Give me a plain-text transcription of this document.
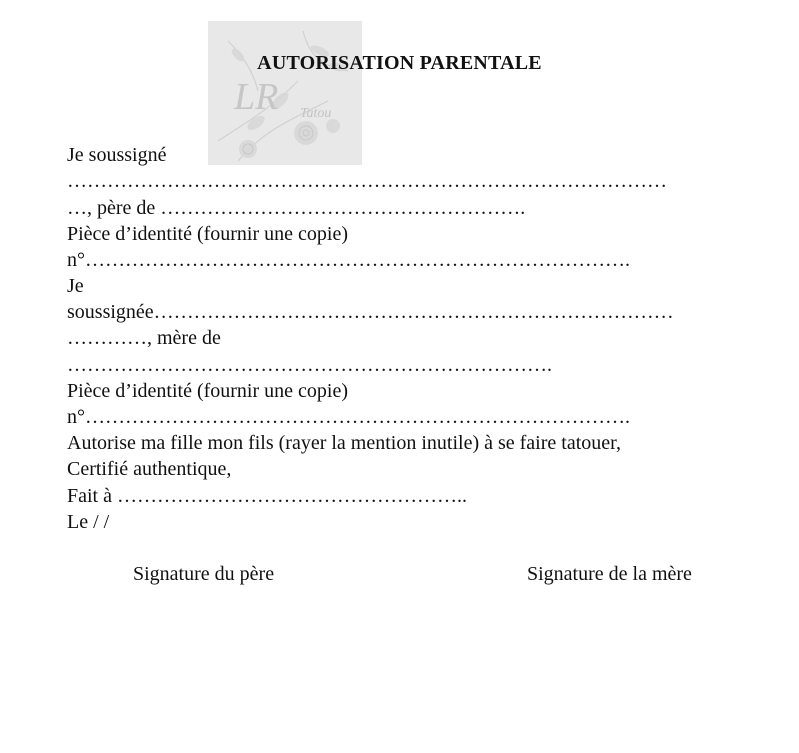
LR Tatou
AUTORISATION PARENTALE
Je soussigné
………………………………………………………………………………
…, père de ……………………………………………….
Pièce d’identité (fournir une copie)
n°……………………………………………………………………….
Je
soussignée……………………………………………………………………
…………, mère de
……………………………………………………………….
Pièce d’identité (fournir une copie)
n°……………………………………………………………………….
Autorise ma fille mon fils (rayer la mention inutile) à se faire tatouer,
Certifié authentique,
Fait à ……………………………………………..
Le / /
Signature du père	Signature de la mère
